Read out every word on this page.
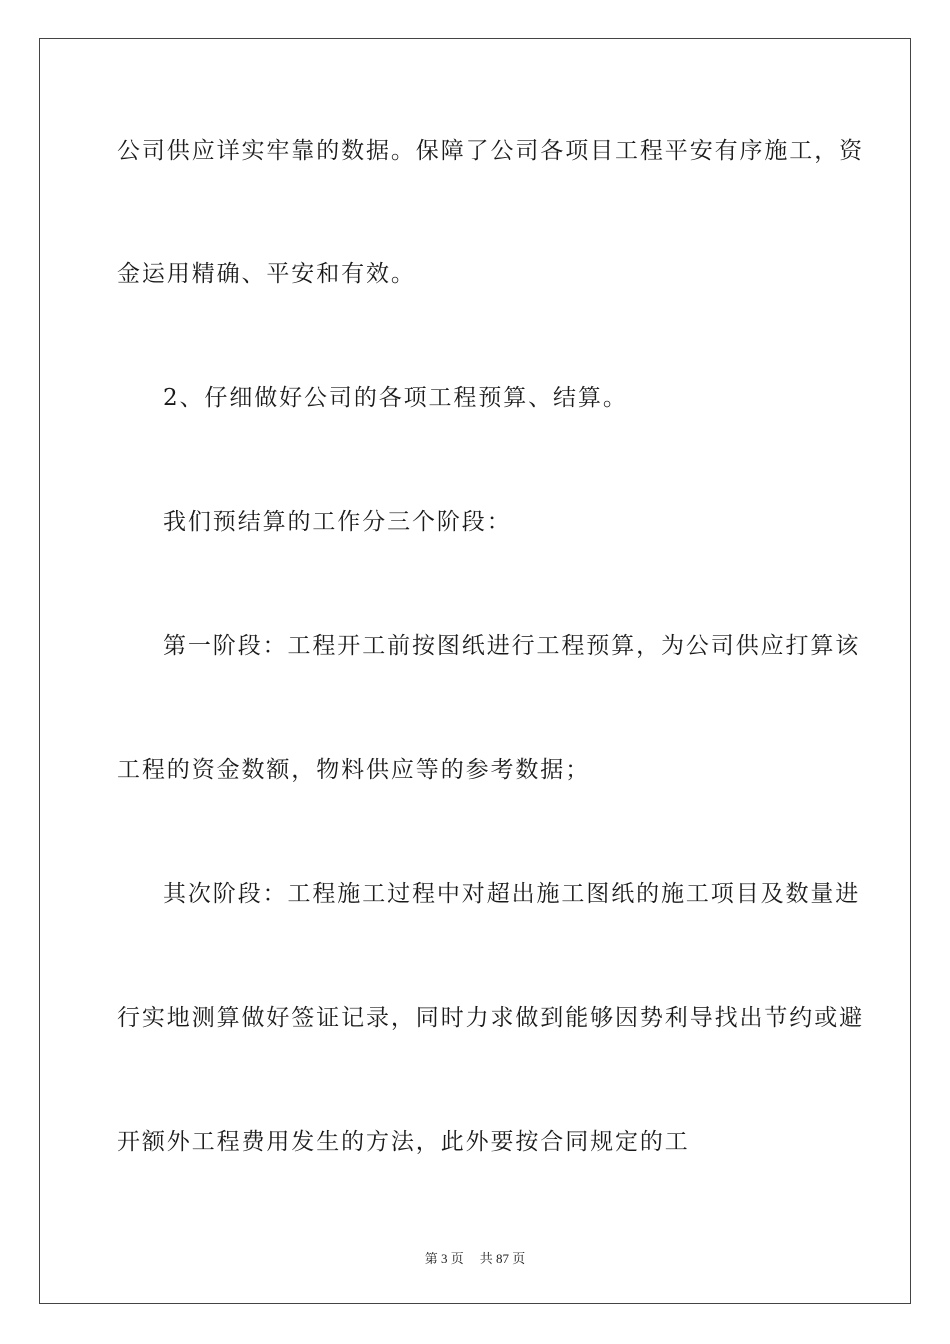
公司供应详实牢靠的数据。保障了公司各项目工程平安有序施工，资
金运用精确、平安和有效。
2、仔细做好公司的各项工程预算、结算。
我们预结算的工作分三个阶段：
第一阶段：工程开工前按图纸进行工程预算，为公司供应打算该
工程的资金数额，物料供应等的参考数据；
其次阶段：工程施工过程中对超出施工图纸的施工项目及数量进
行实地测算做好签证记录，同时力求做到能够因势利导找出节约或避
开额外工程费用发生的方法，此外要按合同规定的工
第 3 页 共 87 页
